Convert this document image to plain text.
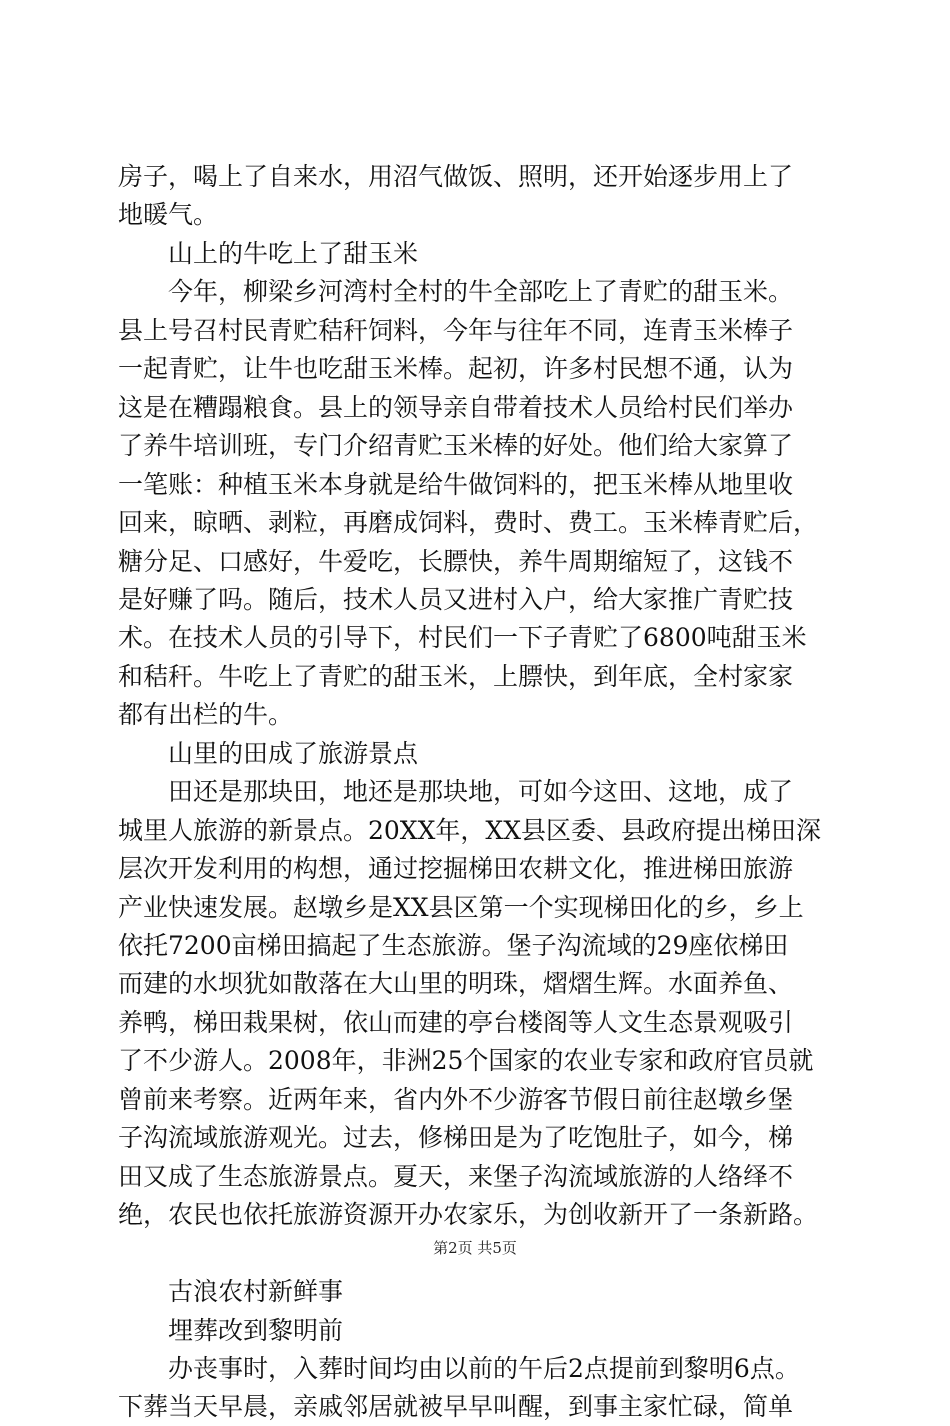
房子，喝上了自来水，用沼气做饭、照明，还开始逐步用上了

地暖气。

　　山上的牛吃上了甜玉米

　　今年，柳梁乡河湾村全村的牛全部吃上了青贮的甜玉米。

县上号召村民青贮秸秆饲料，今年与往年不同，连青玉米棒子

一起青贮，让牛也吃甜玉米棒。起初，许多村民想不通，认为

这是在糟蹋粮食。县上的领导亲自带着技术人员给村民们举办

了养牛培训班，专门介绍青贮玉米棒的好处。他们给大家算了

一笔账：种植玉米本身就是给牛做饲料的，把玉米棒从地里收

回来，晾晒、剥粒，再磨成饲料，费时、费工。玉米棒青贮后，

糖分足、口感好，牛爱吃，长膘快，养牛周期缩短了，这钱不

是好赚了吗。随后，技术人员又进村入户，给大家推广青贮技

术。在技术人员的引导下，村民们一下子青贮了6800吨甜玉米

和秸秆。牛吃上了青贮的甜玉米，上膘快，到年底，全村家家

都有出栏的牛。

　　山里的田成了旅游景点

　　田还是那块田，地还是那块地，可如今这田、这地，成了

城里人旅游的新景点。20XX年，XX县区委、县政府提出梯田深

层次开发利用的构想，通过挖掘梯田农耕文化，推进梯田旅游

产业快速发展。赵墩乡是XX县区第一个实现梯田化的乡，乡上

依托7200亩梯田搞起了生态旅游。堡子沟流域的29座依梯田

而建的水坝犹如散落在大山里的明珠，熠熠生辉。水面养鱼、

养鸭，梯田栽果树，依山而建的亭台楼阁等人文生态景观吸引

了不少游人。2008年，非洲25个国家的农业专家和政府官员就

曾前来考察。近两年来，省内外不少游客节假日前往赵墩乡堡

子沟流域旅游观光。过去，修梯田是为了吃饱肚子，如今，梯

田又成了生态旅游景点。夏天，来堡子沟流域旅游的人络绎不

绝，农民也依托旅游资源开办农家乐，为创收新开了一条新路。

　　古浪农村新鲜事

　　埋葬改到黎明前

　　办丧事时，入葬时间均由以前的午后2点提前到黎明6点。

下葬当天早晨，亲戚邻居就被早早叫醒，到事主家忙碌，简单

第2页 共5页
